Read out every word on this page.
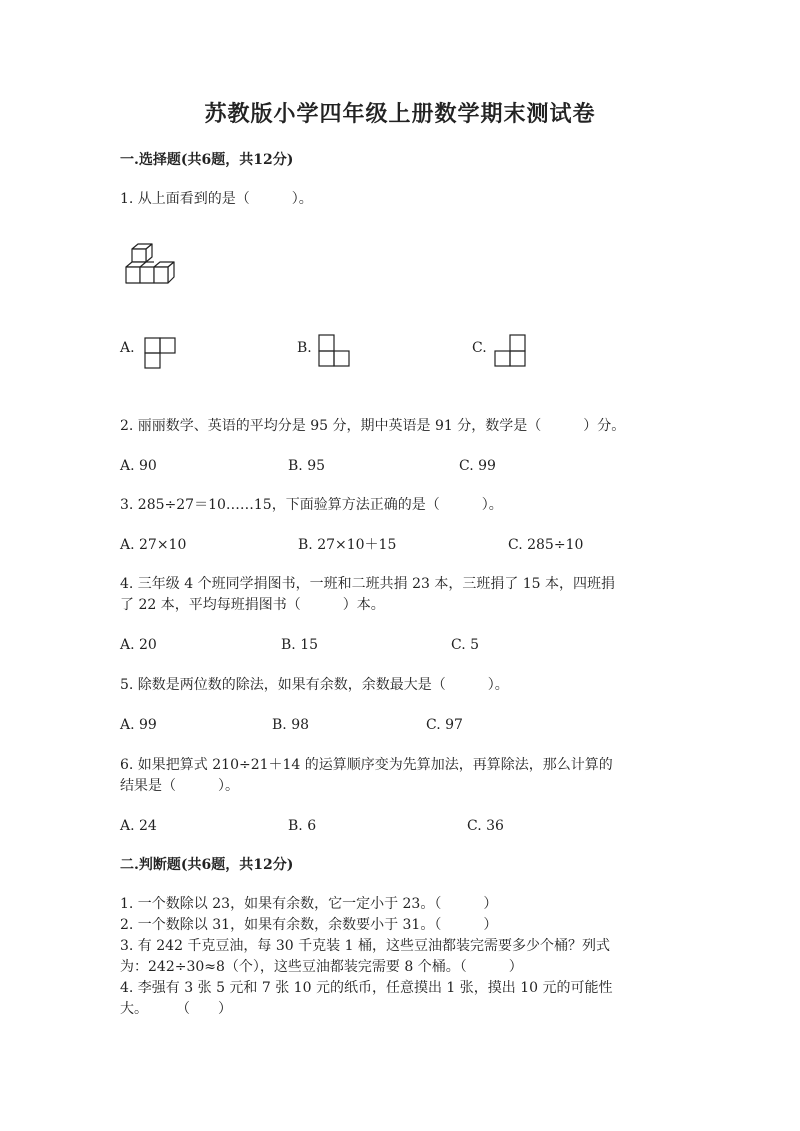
苏教版小学四年级上册数学期末测试卷
一.选择题(共6题，共12分)
1. 从上面看到的是（　　　）。
A.	B.	C.
2. 丽丽数学、英语的平均分是 95 分，期中英语是 91 分，数学是（　　　）分。
A. 90	B. 95	C. 99
3. 285÷27＝10……15，下面验算方法正确的是（　　　）。
A. 27×10	B. 27×10＋15	C. 285÷10
4. 三年级 4 个班同学捐图书，一班和二班共捐 23 本，三班捐了 15 本，四班捐
了 22 本，平均每班捐图书（　　　）本。
A. 20	B. 15	C. 5
5. 除数是两位数的除法，如果有余数，余数最大是（　　　）。
A. 99	B. 98	C. 97
6. 如果把算式 210÷21＋14 的运算顺序变为先算加法，再算除法，那么计算的
结果是（　　　）。
A. 24	B. 6	C. 36
二.判断题(共6题，共12分)
1. 一个数除以 23，如果有余数，它一定小于 23。（　　　）
2. 一个数除以 31，如果有余数，余数要小于 31。（　　　）
3. 有 242 千克豆油，每 30 千克装 1 桶，这些豆油都装完需要多少个桶？列式
为：242÷30≈8（个），这些豆油都装完需要 8 个桶。（　　　）
4. 李强有 3 张 5 元和 7 张 10 元的纸币，任意摸出 1 张，摸出 10 元的可能性
大。　　　（　　）
